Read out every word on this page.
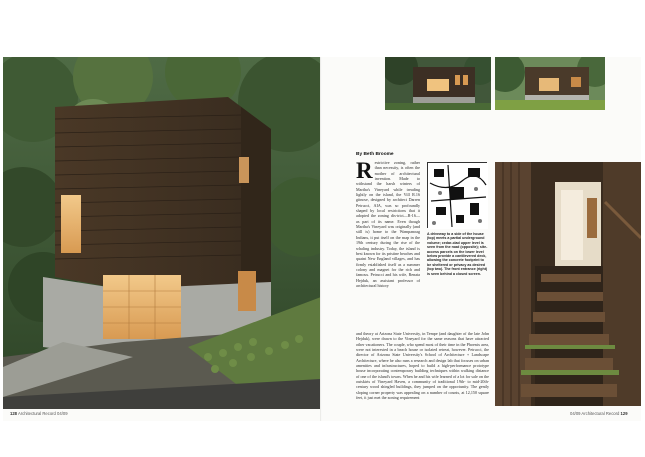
128 Architectural Record 04/09
By Beth Broome
R estrictive zoning, rather than necessity, is often the mother of architectural invention. Made to withstand the harsh winters of Martha's Vineyard while treading lightly on the island, the Vill R.16 gitnose, designed by architect Darren Petrucci, AIA, was so profoundly shaped by local restrictions that it adopted the zoning dis-trict—R-16—as part of its name. Even though Martha's Vineyard was originally (and still is) home to the Wampanoag Indians, it put itself on the map in the 19th century during the rise of the whaling industry. Today, the island is best known for its pristine beaches and quaint New England villages, and has firmly established itself as a summer colony and magnet for the rich and famous. Petrucci and his wife, Renata Hejduk, an assistant professor of architectural history
A driveway to a side of the house (top) meets a partial underground volume; cedar-clad upper level is seen from the road (opposite); site-access parcels on the lower level below provide a cantilevered deck, allowing the concrete footprint to be sheltered or privacy as desired (top two). The front entrance (right) is seen behind a closed screen.
and theory at Arizona State University, in Tempe (and daughter of the late John Hejduk), were drawn to the Vineyard for the same reasons that have attracted other vacationers. The couple, who spend most of their time in the Phoenix area, were not interested in a beach house or isolated retreat, however. Petrucci, the director of Arizona State University's School of Architecture + Landscape Architecture, where he also runs a research and design lab that focuses on urban amenities and infrastructures, hoped to build a high-performance prototype house incorporating contemporary building techniques within walking distance of one of the island's towns. When he and his wife learned of a lot for sale on the outskirts of Vineyard Haven, a community of traditional 19th- to mid-20th-century wood shingled buildings, they jumped on the opportunity. The gently sloping corner property was appealing on a number of counts, at 12,150 square feet, it just met the zoning requirement
04/09 Architectural Record 129
